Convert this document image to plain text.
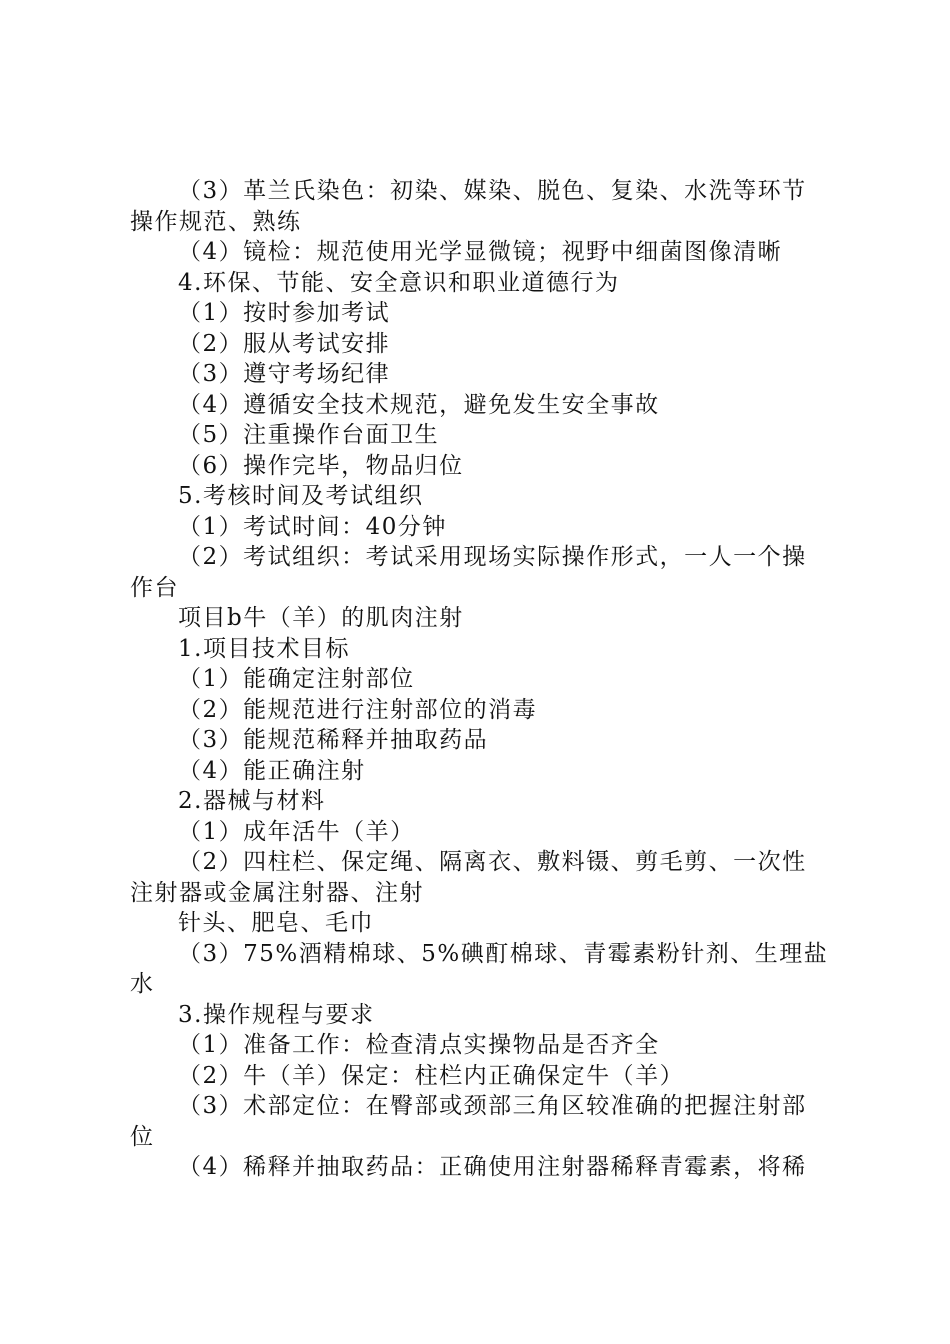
（3）革兰氏染色：初染、媒染、脱色、复染、水洗等环节
操作规范、熟练
（4）镜检：规范使用光学显微镜；视野中细菌图像清晰
4.环保、节能、安全意识和职业道德行为
（1）按时参加考试
（2）服从考试安排
（3）遵守考场纪律
（4）遵循安全技术规范，避免发生安全事故
（5）注重操作台面卫生
（6）操作完毕，物品归位
5.考核时间及考试组织
（1）考试时间：40分钟
（2）考试组织：考试采用现场实际操作形式，一人一个操
作台
项目b牛（羊）的肌肉注射
1.项目技术目标
（1）能确定注射部位
（2）能规范进行注射部位的消毒
（3）能规范稀释并抽取药品
（4）能正确注射
2.器械与材料
（1）成年活牛（羊）
（2）四柱栏、保定绳、隔离衣、敷料镊、剪毛剪、一次性
注射器或金属注射器、注射
针头、肥皂、毛巾
（3）75%酒精棉球、5%碘酊棉球、青霉素粉针剂、生理盐
水
3.操作规程与要求
（1）准备工作：检查清点实操物品是否齐全
（2）牛（羊）保定：柱栏内正确保定牛（羊）
（3）术部定位：在臀部或颈部三角区较准确的把握注射部
位
（4）稀释并抽取药品：正确使用注射器稀释青霉素，将稀
